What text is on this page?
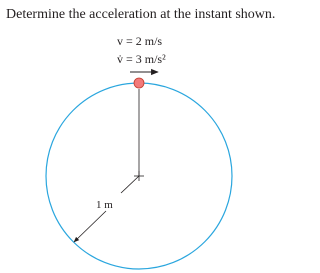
Determine the acceleration at the instant shown.
1 m
v = 2 m/s
v̇ = 3 m/s²
